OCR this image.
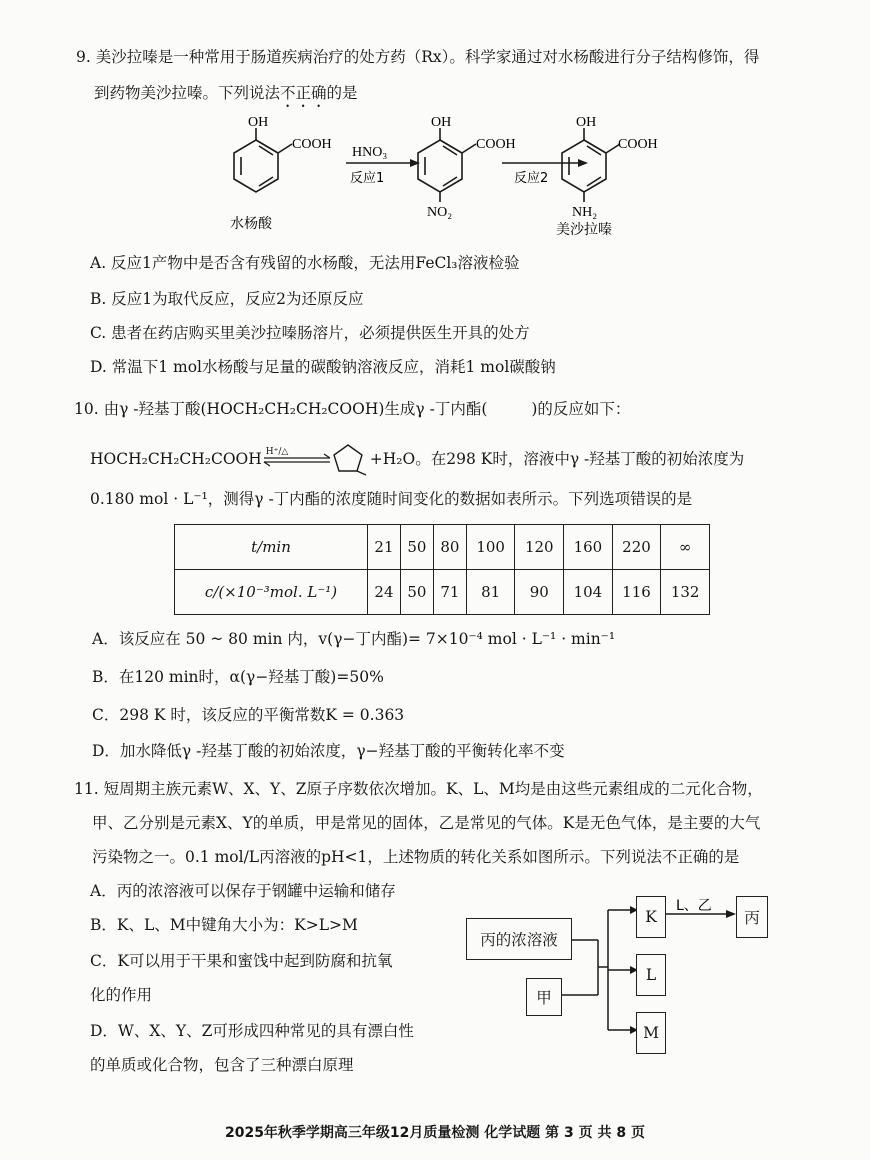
9. 美沙拉嗪是一种常用于肠道疾病治疗的处方药（Rx）。科学家通过对水杨酸进行分子结构修饰，得
到药物美沙拉嗪。下列说法不正确的是
OH
COOH
水杨酸
HNO₃
反应1
OH
COOH
NO₂
反应2
OH
COOH
NH₂
美沙拉嗪
A. 反应1产物中是否含有残留的水杨酸，无法用FeCl₃溶液检验
B. 反应1为取代反应，反应2为还原反应
C. 患者在药店购买里美沙拉嗪肠溶片，必须提供医生开具的处方
D. 常温下1 mol水杨酸与足量的碳酸钠溶液反应，消耗1 mol碳酸钠
10. 由γ -羟基丁酸(HOCH₂CH₂CH₂COOH)生成γ -丁内酯(	)的反应如下：
HOCH₂CH₂CH₂COOH H⁺/△	+H₂O。在298 K时，溶液中γ -羟基丁酸的初始浓度为
0.180 mol · L⁻¹，测得γ -丁内酯的浓度随时间变化的数据如表所示。下列选项错误的是
t/min	21	50	80	100	120	160	220	∞
c/(×10⁻³mol. L⁻¹)	24	50	71	81	90	104	116	132
A．该反应在 50 ~ 80 min 内，v(γ−丁内酯)= 7×10⁻⁴ mol · L⁻¹ · min⁻¹
B．在120 min时，α(γ−羟基丁酸)=50%
C．298 K 时，该反应的平衡常数K = 0.363
D．加水降低γ -羟基丁酸的初始浓度，γ−羟基丁酸的平衡转化率不变
11. 短周期主族元素W、X、Y、Z原子序数依次增加。K、L、M均是由这些元素组成的二元化合物，
甲、乙分别是元素X、Y的单质，甲是常见的固体，乙是常见的气体。K是无色气体，是主要的大气
污染物之一。0.1 mol/L丙溶液的pH<1，上述物质的转化关系如图所示。下列说法不正确的是
A．丙的浓溶液可以保存于钢罐中运输和储存
B．K、L、M中键角大小为：K>L>M
C．K可以用于干果和蜜饯中起到防腐和抗氧
化的作用
D．W、X、Y、Z可形成四种常见的具有漂白性
的单质或化合物，包含了三种漂白原理
L、乙
丙的浓溶液
甲
K
L
M
丙
2025年秋季学期高三年级12月质量检测 化学试题 第 3 页 共 8 页
